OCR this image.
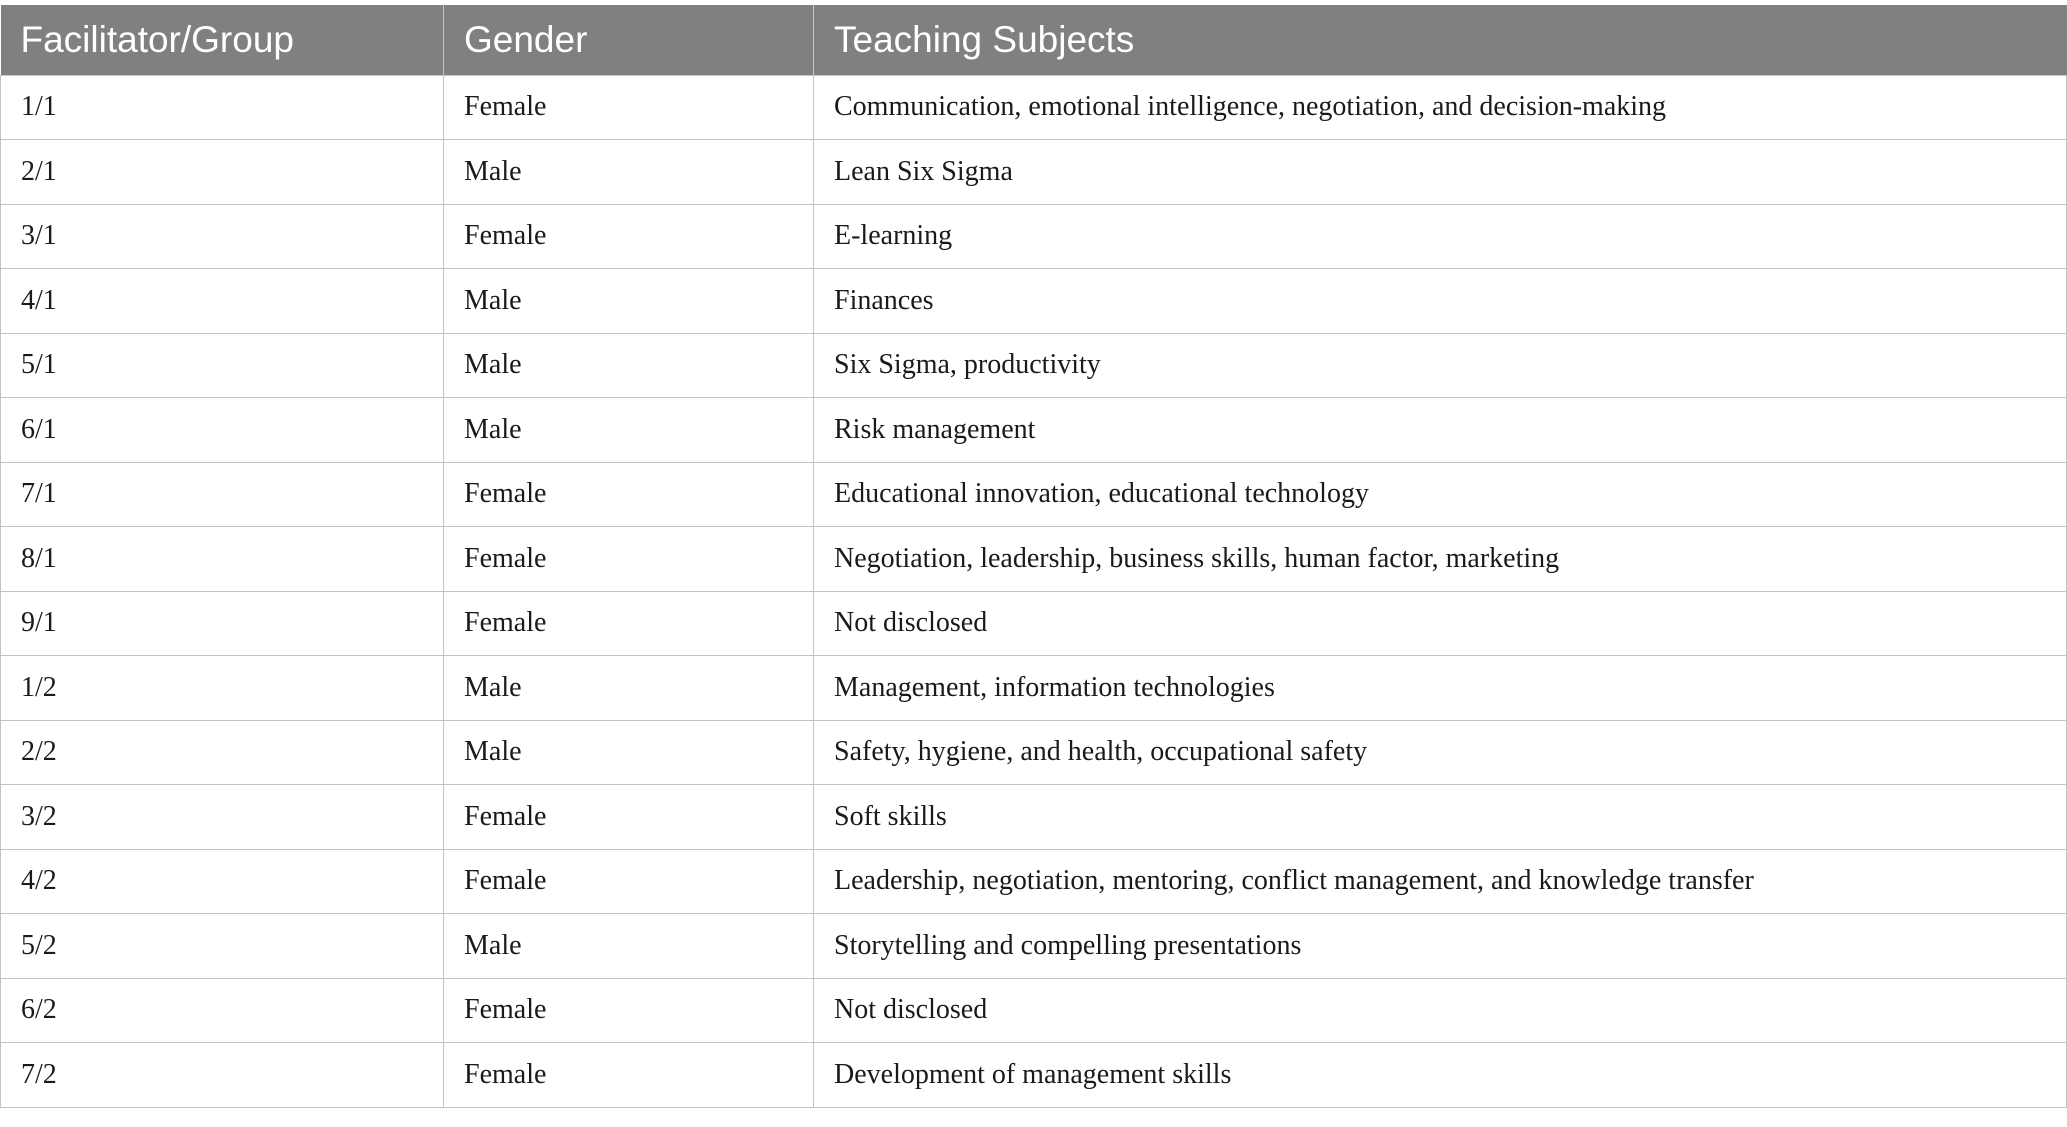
Facilitator/Group	Gender	Teaching Subjects
1/1	Female	Communication, emotional intelligence, negotiation, and decision-making
2/1	Male	Lean Six Sigma
3/1	Female	E-learning
4/1	Male	Finances
5/1	Male	Six Sigma, productivity
6/1	Male	Risk management
7/1	Female	Educational innovation, educational technology
8/1	Female	Negotiation, leadership, business skills, human factor, marketing
9/1	Female	Not disclosed
1/2	Male	Management, information technologies
2/2	Male	Safety, hygiene, and health, occupational safety
3/2	Female	Soft skills
4/2	Female	Leadership, negotiation, mentoring, conflict management, and knowledge transfer
5/2	Male	Storytelling and compelling presentations
6/2	Female	Not disclosed
7/2	Female	Development of management skills
